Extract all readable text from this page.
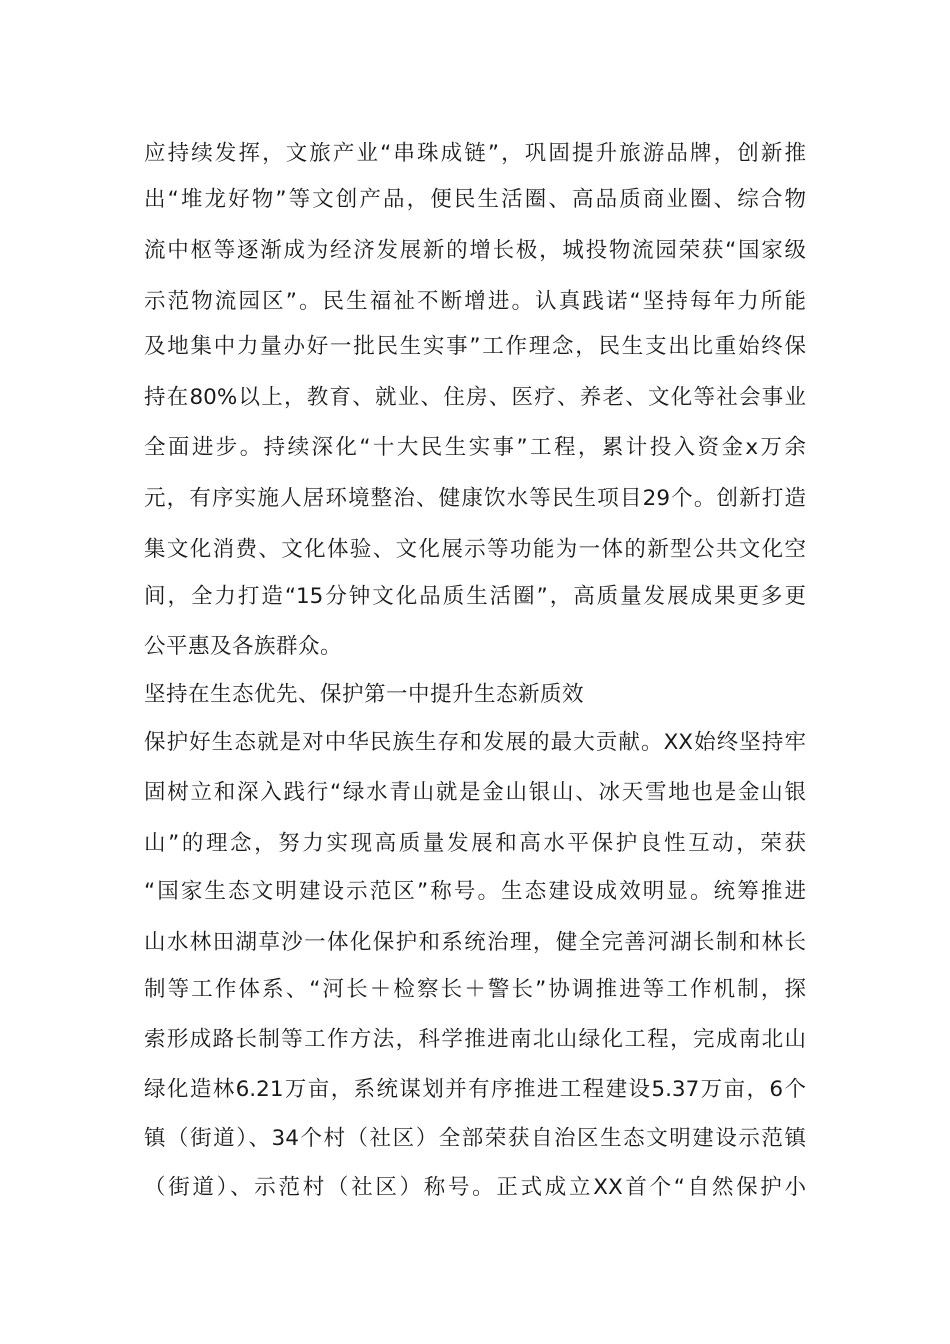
应持续发挥，文旅产业“串珠成链”，巩固提升旅游品牌，创新推
出“堆龙好物”等文创产品，便民生活圈、高品质商业圈、综合物
流中枢等逐渐成为经济发展新的增长极，城投物流园荣获“国家级
示范物流园区”。民生福祉不断增进。认真践诺“坚持每年力所能
及地集中力量办好一批民生实事”工作理念，民生支出比重始终保
持在80%以上，教育、就业、住房、医疗、养老、文化等社会事业
全面进步。持续深化“十大民生实事”工程，累计投入资金x万余
元，有序实施人居环境整治、健康饮水等民生项目29个。创新打造
集文化消费、文化体验、文化展示等功能为一体的新型公共文化空
间，全力打造“15分钟文化品质生活圈”，高质量发展成果更多更
公平惠及各族群众。
坚持在生态优先、保护第一中提升生态新质效
保护好生态就是对中华民族生存和发展的最大贡献。XX始终坚持牢
固树立和深入践行“绿水青山就是金山银山、冰天雪地也是金山银
山”的理念，努力实现高质量发展和高水平保护良性互动，荣获
“国家生态文明建设示范区”称号。生态建设成效明显。统筹推进
山水林田湖草沙一体化保护和系统治理，健全完善河湖长制和林长
制等工作体系、“河长＋检察长＋警长”协调推进等工作机制，探
索形成路长制等工作方法，科学推进南北山绿化工程，完成南北山
绿化造林6.21万亩，系统谋划并有序推进工程建设5.37万亩，6个
镇（街道）、34个村（社区）全部荣获自治区生态文明建设示范镇
（街道）、示范村（社区）称号。正式成立XX首个“自然保护小
